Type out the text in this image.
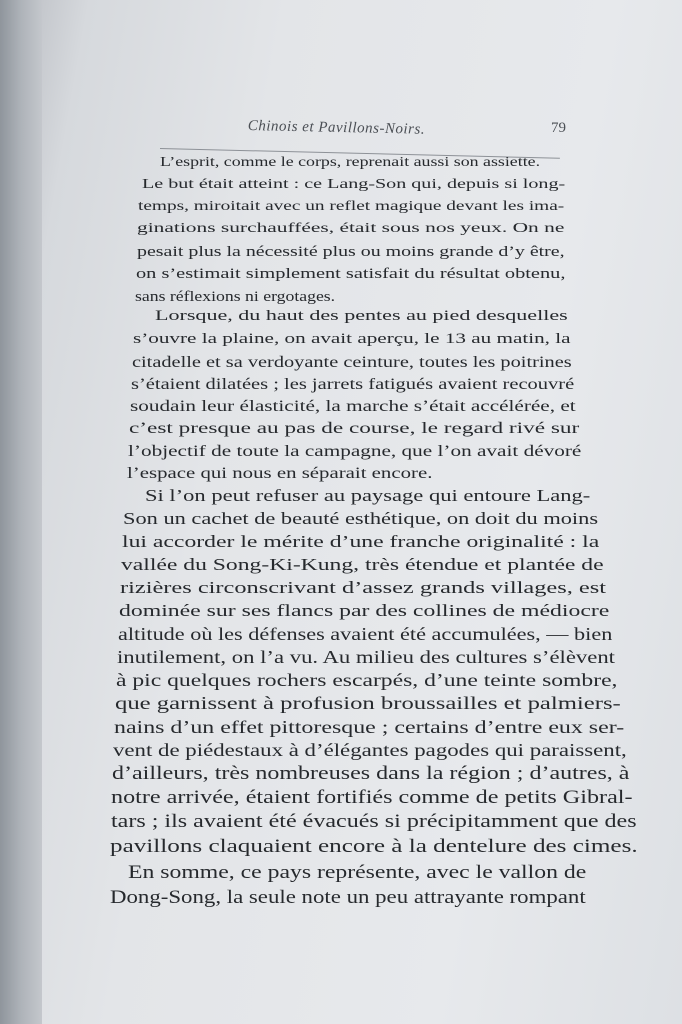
Chinois et Pavillons-Noirs.	79
L’esprit, comme le corps, reprenait aussi son assiette.
Le but était atteint : ce Lang-Son qui, depuis si long-
temps, miroitait avec un reflet magique devant les ima-
ginations surchauffées, était sous nos yeux. On ne
pesait plus la nécessité plus ou moins grande d’y être,
on s’estimait simplement satisfait du résultat obtenu,
sans réflexions ni ergotages.
Lorsque, du haut des pentes au pied desquelles
s’ouvre la plaine, on avait aperçu, le 13 au matin, la
citadelle et sa verdoyante ceinture, toutes les poitrines
s’étaient dilatées ; les jarrets fatigués avaient recouvré
soudain leur élasticité, la marche s’était accélérée, et
c’est presque au pas de course, le regard rivé sur
l’objectif de toute la campagne, que l’on avait dévoré
l’espace qui nous en séparait encore.
Si l’on peut refuser au paysage qui entoure Lang-
Son un cachet de beauté esthétique, on doit du moins
lui accorder le mérite d’une franche originalité : la
vallée du Song-Ki-Kung, très étendue et plantée de
rizières circonscrivant d’assez grands villages, est
dominée sur ses flancs par des collines de médiocre
altitude où les défenses avaient été accumulées, — bien
inutilement, on l’a vu. Au milieu des cultures s’élèvent
à pic quelques rochers escarpés, d’une teinte sombre,
que garnissent à profusion broussailles et palmiers-
nains d’un effet pittoresque ; certains d’entre eux ser-
vent de piédestaux à d’élégantes pagodes qui paraissent,
d’ailleurs, très nombreuses dans la région ; d’autres, à
notre arrivée, étaient fortifiés comme de petits Gibral-
tars ; ils avaient été évacués si précipitamment que des
pavillons claquaient encore à la dentelure des cimes.
En somme, ce pays représente, avec le vallon de
Dong-Song, la seule note un peu attrayante rompant
